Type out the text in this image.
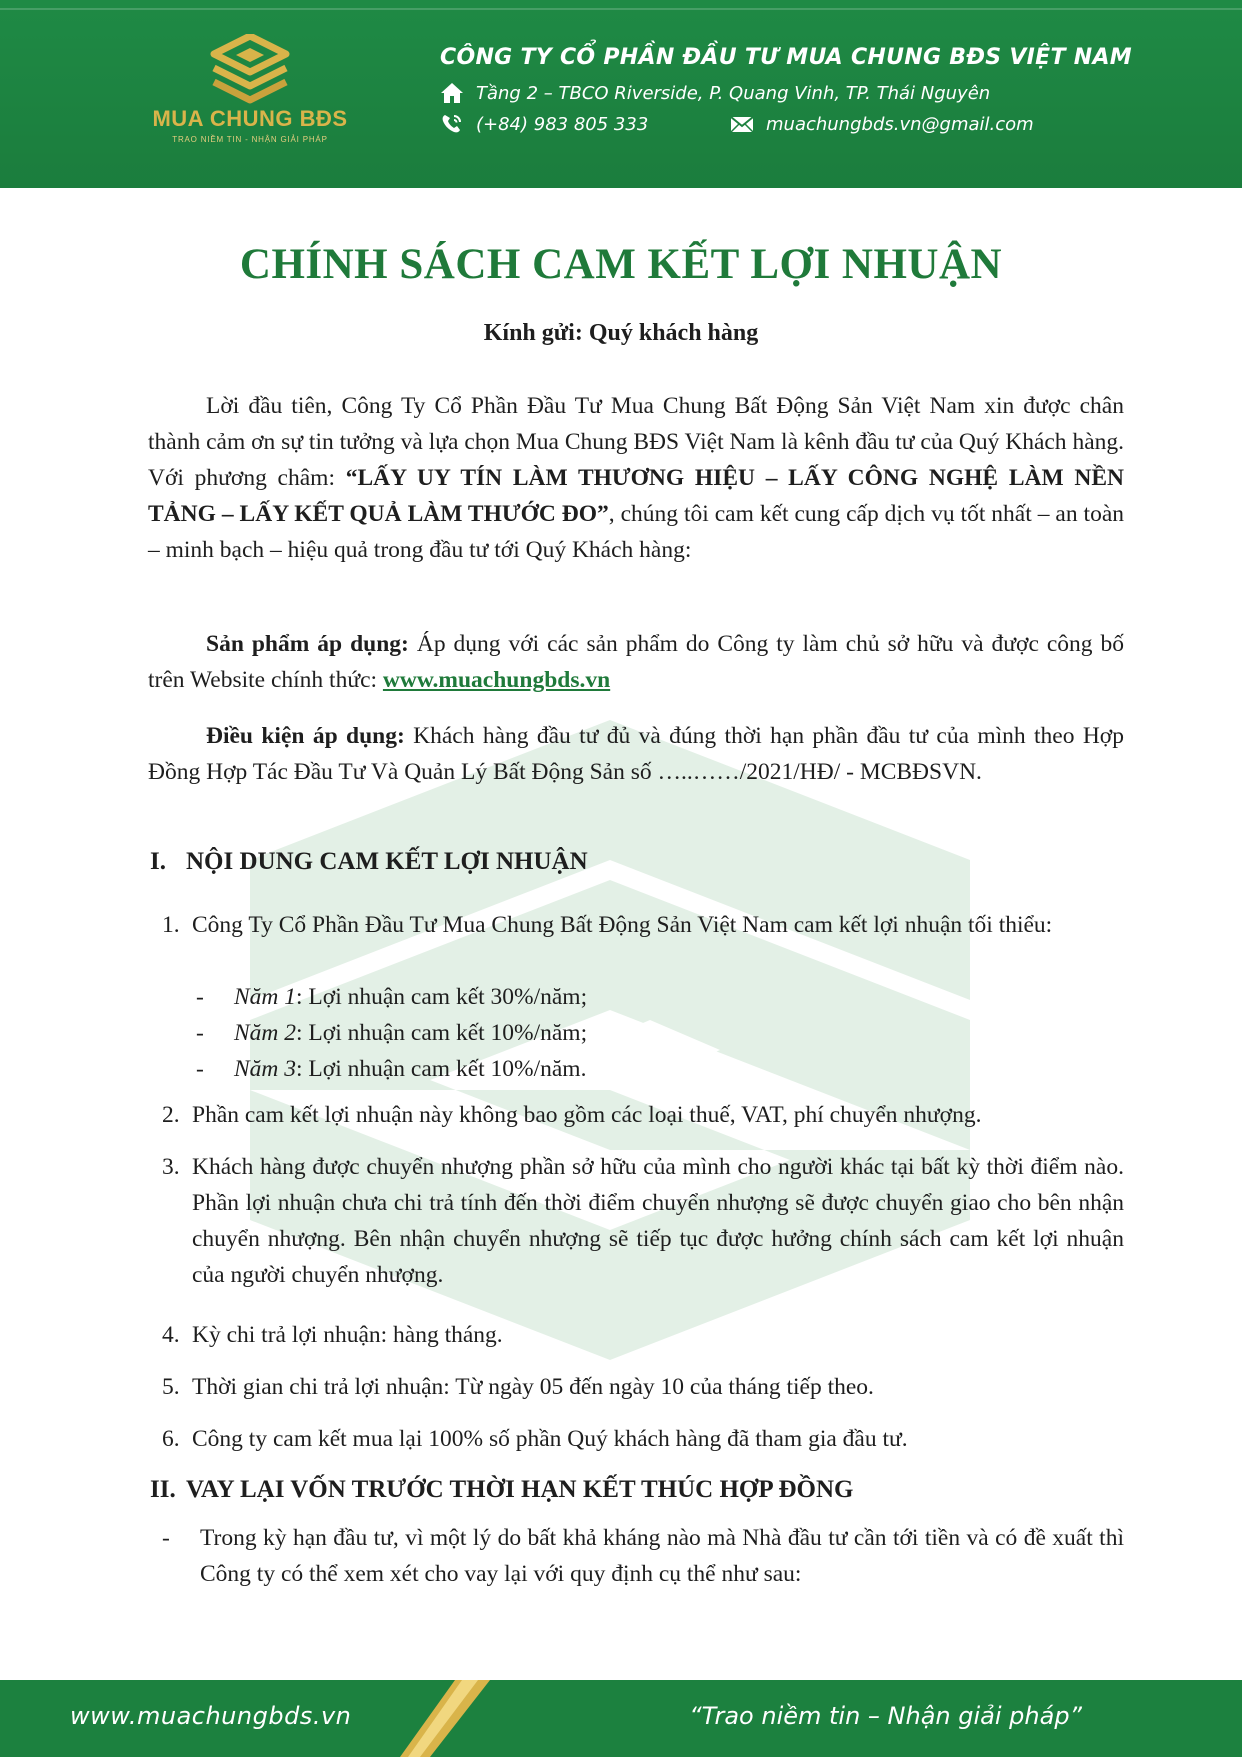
MUA CHUNG BĐS
TRAO NIỀM TIN - NHẬN GIẢI PHÁP
CÔNG TY CỔ PHẦN ĐẦU TƯ MUA CHUNG BĐS VIỆT NAM
Tầng 2 – TBCO Riverside, P. Quang Vinh, TP. Thái Nguyên
(+84) 983 805 333	muachungbds.vn@gmail.com
CHÍNH SÁCH CAM KẾT LỢI NHUẬN
Kính gửi: Quý khách hàng
Lời đầu tiên, Công Ty Cổ Phần Đầu Tư Mua Chung Bất Động Sản Việt Nam xin được chân thành cảm ơn sự tin tưởng và lựa chọn Mua Chung BĐS Việt Nam là kênh đầu tư của Quý Khách hàng. Với phương châm: “LẤY UY TÍN LÀM THƯƠNG HIỆU – LẤY CÔNG NGHỆ LÀM NỀN TẢNG – LẤY KẾT QUẢ LÀM THƯỚC ĐO”, chúng tôi cam kết cung cấp dịch vụ tốt nhất – an toàn – minh bạch – hiệu quả trong đầu tư tới Quý Khách hàng:
Sản phẩm áp dụng: Áp dụng với các sản phẩm do Công ty làm chủ sở hữu và được công bố trên Website chính thức: www.muachungbds.vn
Điều kiện áp dụng: Khách hàng đầu tư đủ và đúng thời hạn phần đầu tư của mình theo Hợp Đồng Hợp Tác Đầu Tư Và Quản Lý Bất Động Sản số …..……/2021/HĐ/ - MCBĐSVN.
I. NỘI DUNG CAM KẾT LỢI NHUẬN
1. Công Ty Cổ Phần Đầu Tư Mua Chung Bất Động Sản Việt Nam cam kết lợi nhuận tối thiểu:
- Năm 1: Lợi nhuận cam kết 30%/năm;
- Năm 2: Lợi nhuận cam kết 10%/năm;
- Năm 3: Lợi nhuận cam kết 10%/năm.
2. Phần cam kết lợi nhuận này không bao gồm các loại thuế, VAT, phí chuyển nhượng.
3. Khách hàng được chuyển nhượng phần sở hữu của mình cho người khác tại bất kỳ thời điểm nào. Phần lợi nhuận chưa chi trả tính đến thời điểm chuyển nhượng sẽ được chuyển giao cho bên nhận chuyển nhượng. Bên nhận chuyển nhượng sẽ tiếp tục được hưởng chính sách cam kết lợi nhuận của người chuyển nhượng.
4. Kỳ chi trả lợi nhuận: hàng tháng.
5. Thời gian chi trả lợi nhuận: Từ ngày 05 đến ngày 10 của tháng tiếp theo.
6. Công ty cam kết mua lại 100% số phần Quý khách hàng đã tham gia đầu tư.
II. VAY LẠI VỐN TRƯỚC THỜI HẠN KẾT THÚC HỢP ĐỒNG
- Trong kỳ hạn đầu tư, vì một lý do bất khả kháng nào mà Nhà đầu tư cần tới tiền và có đề xuất thì Công ty có thể xem xét cho vay lại với quy định cụ thể như sau:
www.muachungbds.vn	“Trao niềm tin – Nhận giải pháp”
